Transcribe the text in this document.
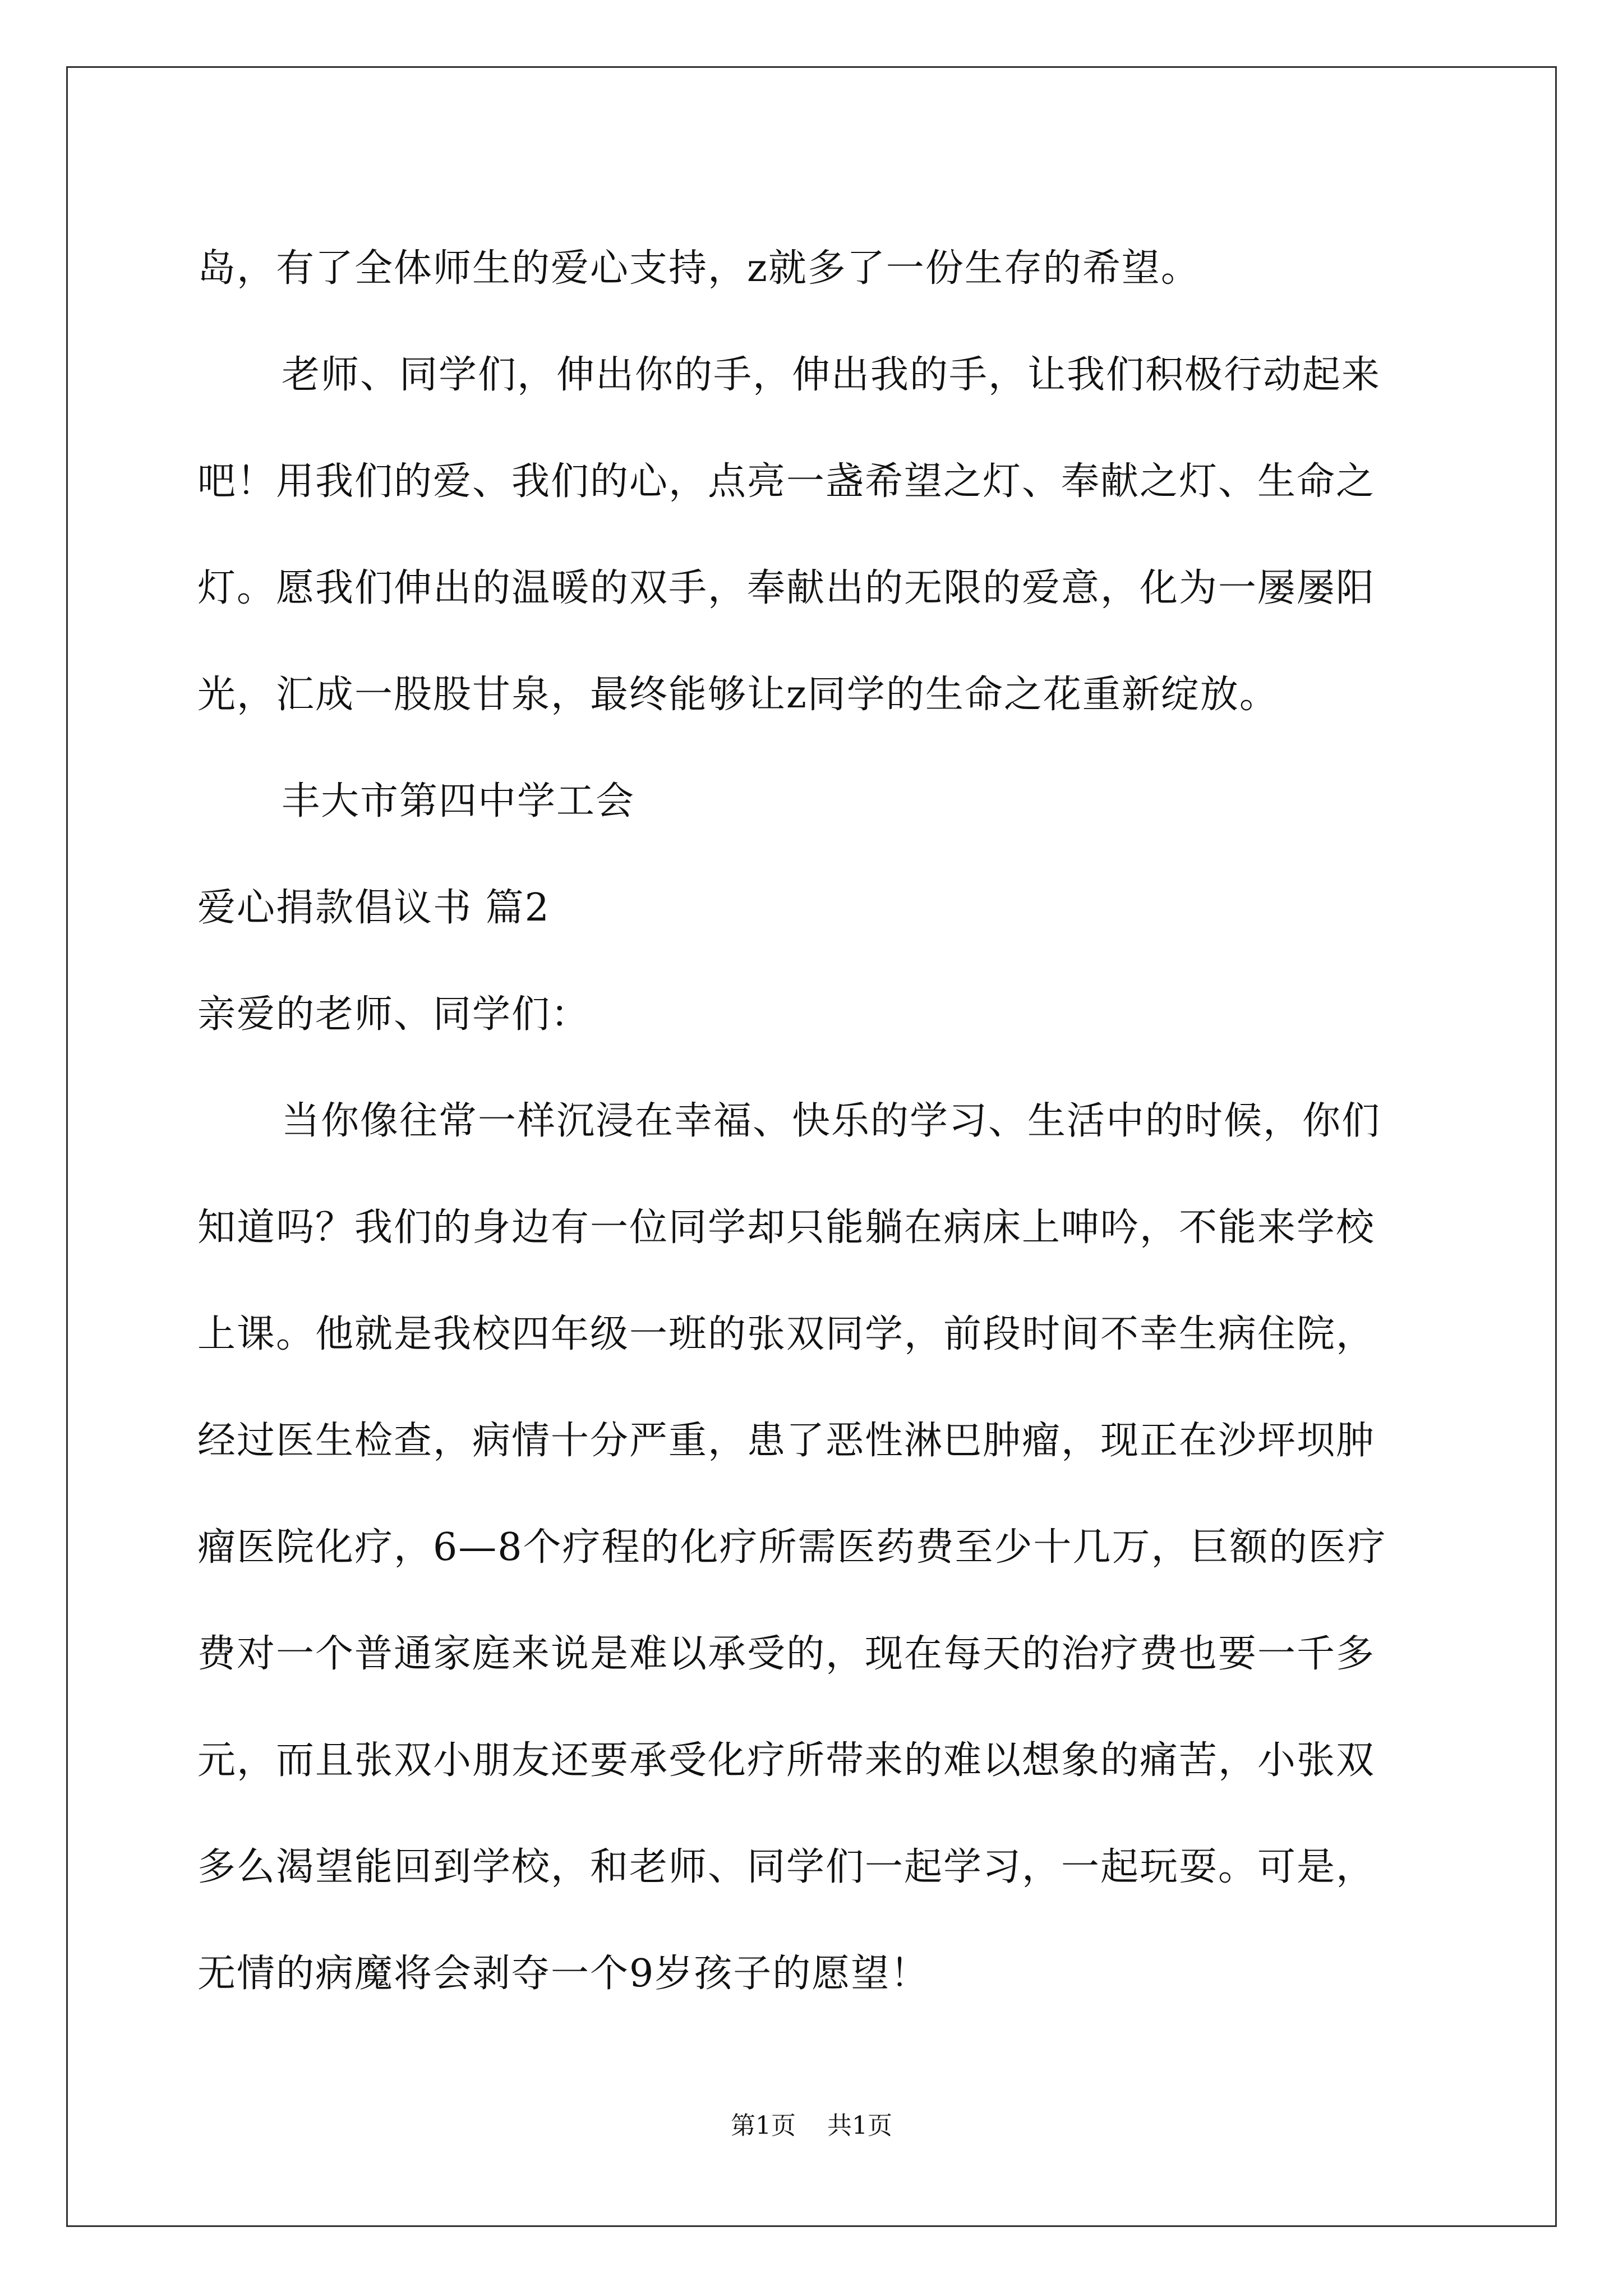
岛，有了全体师生的爱心支持，z就多了一份生存的希望。
老师、同学们，伸出你的手，伸出我的手，让我们积极行动起来
吧！用我们的爱、我们的心，点亮一盏希望之灯、奉献之灯、生命之
灯。愿我们伸出的温暖的双手，奉献出的无限的爱意，化为一屡屡阳
光，汇成一股股甘泉，最终能够让z同学的生命之花重新绽放。
丰大市第四中学工会
爱心捐款倡议书 篇2
亲爱的老师、同学们：
当你像往常一样沉浸在幸福、快乐的学习、生活中的时候，你们
知道吗？我们的身边有一位同学却只能躺在病床上呻吟，不能来学校
上课。他就是我校四年级一班的张双同学，前段时间不幸生病住院，
经过医生检查，病情十分严重，患了恶性淋巴肿瘤，现正在沙坪坝肿
瘤医院化疗，6—8个疗程的化疗所需医药费至少十几万，巨额的医疗
费对一个普通家庭来说是难以承受的，现在每天的治疗费也要一千多
元，而且张双小朋友还要承受化疗所带来的难以想象的痛苦，小张双
多么渴望能回到学校，和老师、同学们一起学习，一起玩耍。可是，
无情的病魔将会剥夺一个9岁孩子的愿望！
第1页 共1页
